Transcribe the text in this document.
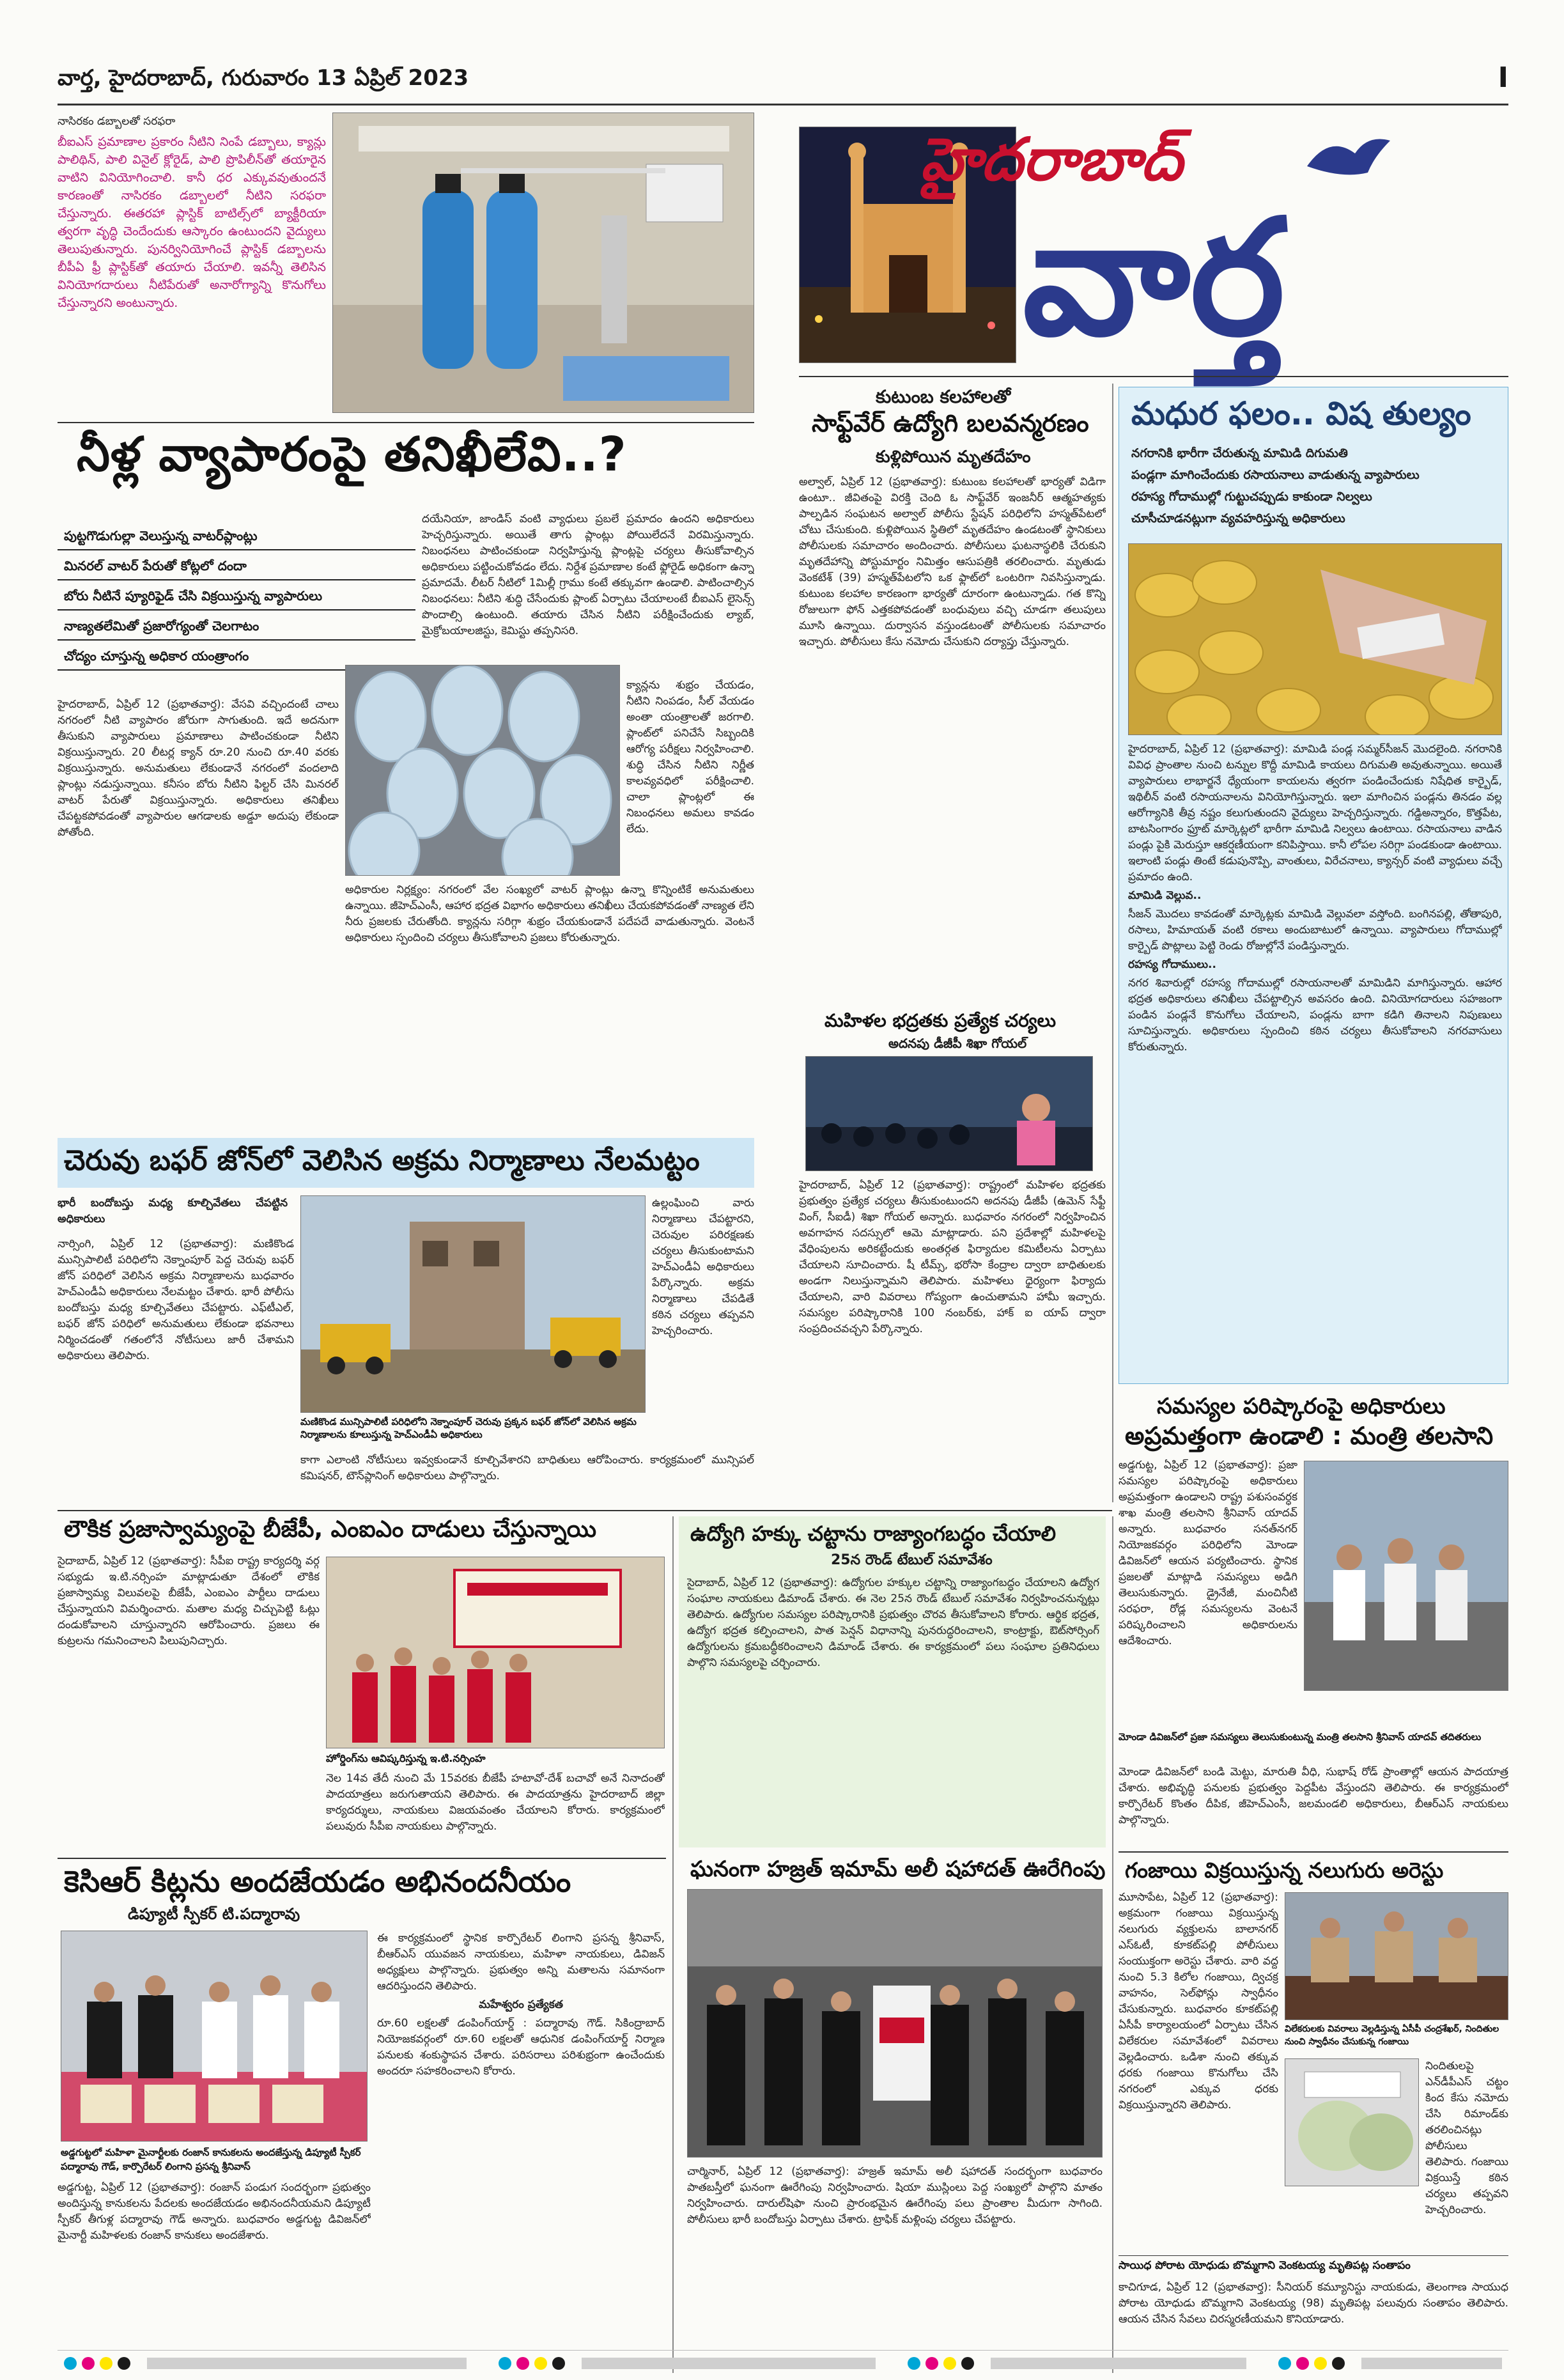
వార్త, హైదరాబాద్, గురువారం 13 ఏప్రిల్ 2023	I

నాసిరకం డబ్బాలతో సరఫరా

బీఐఎస్ ప్రమాణాల ప్రకారం నీటిని నింపే డబ్బాలు, క్యాన్లు పాలిథిన్, పాలి వినైల్ క్లోరైడ్, పాలి ప్రొపిలీన్‌తో తయారైన వాటిని వినియోగించాలి. కానీ ధర ఎక్కువవుతుందనే కారణంతో నాసిరకం డబ్బాలలో నీటిని సరఫరా చేస్తున్నారు. ఈతరహా ప్లాస్టిక్ బాటిల్స్‌లో బ్యాక్టీరియా త్వరగా వృద్ధి చెందేందుకు ఆస్కారం ఉంటుందని వైద్యులు తెలుపుతున్నారు. పునర్వినియోగించే ప్లాస్టిక్ డబ్బాలను బీపీఏ ఫ్రీ ప్లాస్టిక్‌తో తయారు చేయాలి. ఇవన్నీ తెలిసిన వినియోగదారులు నీటిపేరుతో అనారోగ్యాన్ని కొనుగోలు చేస్తున్నారని అంటున్నారు.

నీళ్ల వ్యాపారంపై తనిఖీలేవి..?
పుట్టగొడుగుల్లా వెలుస్తున్న వాటర్‌ప్లాంట్లు
మినరల్ వాటర్ పేరుతో కోట్లలో దందా
బోరు నీటినే ప్యూరిఫైడ్ చేసి విక్రయిస్తున్న వ్యాపారులు
నాణ్యతలేమితో ప్రజారోగ్యంతో చెలగాటం
చోద్యం చూస్తున్న అధికార యంత్రాంగం
దయేనియా, జాండిస్ వంటి వ్యాధులు ప్రబలే ప్రమాదం ఉందని అధికారులు హెచ్చరిస్తున్నారు. అయితే తాగు ప్లాంట్లు పోయిలేదనే విరమిస్తున్నారు. నిబంధనలు పాటించకుండా నిర్వహిస్తున్న ప్లాంట్లపై చర్యలు తీసుకోవాల్సిన అధికారులు పట్టించుకోవడం లేదు. నిర్దేశ ప్రమాణాల కంటే ఫ్లోరైడ్ అధికంగా ఉన్నా ప్రమాదమే. లీటర్ నీటిలో 1మిల్లీ గ్రాము కంటే తక్కువగా ఉండాలి. పాటించాల్సిన నిబంధనలు: నీటిని శుద్ధి చేసేందుకు ప్లాంట్ ఏర్పాటు చేయాలంటే బీఐఎస్‌ లైసెన్స్ పొందాల్సి ఉంటుంది. తయారు చేసిన నీటిని పరీక్షించేందుకు ల్యాబ్, మైక్రోబయాలజిస్టు, కెమిస్టు తప్పనిసరి.
హైదరాబాద్, ఏప్రిల్ 12 (ప్రభాతవార్త): వేసవి వచ్చిందంటే చాలు నగరంలో నీటి వ్యాపారం జోరుగా సాగుతుంది. ఇదే అదనుగా తీసుకుని వ్యాపారులు ప్రమాణాలు పాటించకుండా నీటిని విక్రయిస్తున్నారు. 20 లీటర్ల క్యాన్ రూ.20 నుంచి రూ.40 వరకు విక్రయిస్తున్నారు. అనుమతులు లేకుండానే నగరంలో వందలాది ప్లాంట్లు నడుస్తున్నాయి. కనీసం బోరు నీటిని ఫిల్టర్ చేసి మినరల్ వాటర్ పేరుతో విక్రయిస్తున్నారు. అధికారులు తనిఖీలు చేపట్టకపోవడంతో వ్యాపారుల ఆగడాలకు అడ్డూ అదుపు లేకుండా పోతోంది.
క్యాన్లను శుభ్రం చేయడం, నీటిని నింపడం, సీల్ వేయడం అంతా యంత్రాలతో జరగాలి. ప్లాంట్‌లో పనిచేసే సిబ్బందికి ఆరోగ్య పరీక్షలు నిర్వహించాలి. శుద్ధి చేసిన నీటిని నిర్ణీత కాలవ్యవధిలో పరీక్షించాలి. చాలా ప్లాంట్లలో ఈ నిబంధనలు అమలు కావడం లేదు.
అధికారుల నిర్లక్ష్యం: నగరంలో వేల సంఖ్యలో వాటర్ ప్లాంట్లు ఉన్నా కొన్నింటికే అనుమతులు ఉన్నాయి. జీహెచ్ఎంసీ, ఆహార భద్రత విభాగం అధికారులు తనిఖీలు చేయకపోవడంతో నాణ్యత లేని నీరు ప్రజలకు చేరుతోంది. క్యాన్లను సరిగ్గా శుభ్రం చేయకుండానే పదేపదే వాడుతున్నారు. వెంటనే అధికారులు స్పందించి చర్యలు తీసుకోవాలని ప్రజలు కోరుతున్నారు.
హైదరాబాద్
వార్త
కుటుంబ కలహాలతో
సాఫ్ట్‌వేర్ ఉద్యోగి బలవన్మరణం
కుళ్లిపోయిన మృతదేహం
అల్వాల్, ఏప్రిల్ 12 (ప్రభాతవార్త): కుటుంబ కలహాలతో భార్యతో విడిగా ఉంటూ.. జీవితంపై విరక్తి చెంది ఓ సాఫ్ట్‌వేర్ ఇంజనీర్ ఆత్మహత్యకు పాల్పడిన సంఘటన అల్వాల్ పోలీసు స్టేషన్ పరిధిలోని హస్మత్‌పేటలో చోటు చేసుకుంది. కుళ్లిపోయిన స్థితిలో మృతదేహం ఉండటంతో స్థానికులు పోలీసులకు సమాచారం అందించారు. పోలీసులు ఘటనాస్థలికి చేరుకుని మృతదేహాన్ని పోస్టుమార్టం నిమిత్తం ఆసుపత్రికి తరలించారు. మృతుడు వెంకటేశ్ (39) హస్మత్‌పేటలోని ఒక ఫ్లాట్‌లో ఒంటరిగా నివసిస్తున్నాడు. కుటుంబ కలహాల కారణంగా భార్యతో దూరంగా ఉంటున్నాడు. గత కొన్ని రోజులుగా ఫోన్ ఎత్తకపోవడంతో బంధువులు వచ్చి చూడగా తలుపులు మూసి ఉన్నాయి. దుర్వాసన వస్తుండటంతో పోలీసులకు సమాచారం ఇచ్చారు. పోలీసులు కేసు నమోదు చేసుకుని దర్యాప్తు చేస్తున్నారు.
మహిళల భద్రతకు ప్రత్యేక చర్యలు
అదనపు డీజీపీ శిఖా గోయల్
హైదరాబాద్, ఏప్రిల్ 12 (ప్రభాతవార్త): రాష్ట్రంలో మహిళల భద్రతకు ప్రభుత్వం ప్రత్యేక చర్యలు తీసుకుంటుందని అదనపు డీజీపీ (ఉమెన్ సేఫ్టీ వింగ్, సీఐడీ) శిఖా గోయల్ అన్నారు. బుధవారం నగరంలో నిర్వహించిన అవగాహన సదస్సులో ఆమె మాట్లాడారు. పని ప్రదేశాల్లో మహిళలపై వేధింపులను అరికట్టేందుకు అంతర్గత ఫిర్యాదుల కమిటీలను ఏర్పాటు చేయాలని సూచించారు. షీ టీమ్స్, భరోసా కేంద్రాల ద్వారా బాధితులకు అండగా నిలుస్తున్నామని తెలిపారు. మహిళలు ధైర్యంగా ఫిర్యాదు చేయాలని, వారి వివరాలు గోప్యంగా ఉంచుతామని హామీ ఇచ్చారు. సమస్యల పరిష్కారానికి 100 నంబర్‌కు, హాక్ ఐ యాప్ ద్వారా సంప్రదించవచ్చని పేర్కొన్నారు.
మధుర ఫలం.. విష తుల్యం
నగరానికి భారీగా చేరుతున్న మామిడి దిగుమతి
పండ్లగా మాగించేందుకు రసాయనాలు వాడుతున్న వ్యాపారులు
రహస్య గోదాముల్లో గుట్టుచప్పుడు కాకుండా నిల్వలు
చూసీచూడనట్లుగా వ్యవహరిస్తున్న అధికారులు

హైదరాబాద్, ఏప్రిల్ 12 (ప్రభాతవార్త): మామిడి పండ్ల సమ్మర్‌సీజన్ మొదలైంది. నగరానికి వివిధ ప్రాంతాల నుంచి టన్నుల కొద్దీ మామిడి కాయలు దిగుమతి అవుతున్నాయి. అయితే వ్యాపారులు లాభార్జనే ధ్యేయంగా కాయలను త్వరగా పండించేందుకు నిషేధిత కార్బైడ్, ఇథిలీన్ వంటి రసాయనాలను వినియోగిస్తున్నారు. ఇలా మాగించిన పండ్లను తినడం వల్ల ఆరోగ్యానికి తీవ్ర నష్టం కలుగుతుందని వైద్యులు హెచ్చరిస్తున్నారు. గడ్డిఅన్నారం, కొత్తపేట, బాటసింగారం ఫ్రూట్ మార్కెట్లలో భారీగా మామిడి నిల్వలు ఉంటాయి. రసాయనాలు వాడిన పండ్లు పైకి మెరుస్తూ ఆకర్షణీయంగా కనిపిస్తాయి. కానీ లోపల సరిగ్గా పండకుండా ఉంటాయి. ఇలాంటి పండ్లు తింటే కడుపునొప్పి, వాంతులు, విరేచనాలు, క్యాన్సర్ వంటి వ్యాధులు వచ్చే ప్రమాదం ఉంది.

మామిడి వెల్లువ..

సీజన్ మొదలు కావడంతో మార్కెట్లకు మామిడి వెల్లువలా వస్తోంది. బంగినపల్లి, తోతాపురి, రసాలు, హిమాయత్ వంటి రకాలు అందుబాటులో ఉన్నాయి. వ్యాపారులు గోదాముల్లో కార్బైడ్ పొట్లాలు పెట్టి రెండు రోజుల్లోనే పండిస్తున్నారు.

రహస్య గోదాములు..

నగర శివారుల్లో రహస్య గోదాముల్లో రసాయనాలతో మామిడిని మాగిస్తున్నారు. ఆహార భద్రత అధికారులు తనిఖీలు చేపట్టాల్సిన అవసరం ఉంది. వినియోగదారులు సహజంగా పండిన పండ్లనే కొనుగోలు చేయాలని, పండ్లను బాగా కడిగి తినాలని నిపుణులు సూచిస్తున్నారు. అధికారులు స్పందించి కఠిన చర్యలు తీసుకోవాలని నగరవాసులు కోరుతున్నారు.

చెరువు బఫర్ జోన్‌లో వెలిసిన అక్రమ నిర్మాణాలు నేలమట్టం
భారీ బందోబస్తు మధ్య కూల్చివేతలు చేపట్టిన అధికారులు
నార్సింగి, ఏప్రిల్ 12 (ప్రభాతవార్త): మణికొండ మున్సిపాలిటీ పరిధిలోని నెక్నాంపూర్ పెద్ద చెరువు బఫర్ జోన్ పరిధిలో వెలిసిన అక్రమ నిర్మాణాలను బుధవారం హెచ్ఎండీఏ అధికారులు నేలమట్టం చేశారు. భారీ పోలీసు బందోబస్తు మధ్య కూల్చివేతలు చేపట్టారు. ఎఫ్‌టీఎల్, బఫర్ జోన్ పరిధిలో అనుమతులు లేకుండా భవనాలు నిర్మించడంతో గతంలోనే నోటీసులు జారీ చేశామని అధికారులు తెలిపారు.
మణికొండ మున్సిపాలిటీ పరిధిలోని నెక్నాంపూర్ చెరువు ప్రక్కన బఫర్ జోన్‌లో వెలిసిన అక్రమ నిర్మాణాలను కూలుస్తున్న హెచ్ఎండీఏ అధికారులు
ఉల్లంఘించి వారు నిర్మాణాలు చేపట్టారని, చెరువుల పరిరక్షణకు చర్యలు తీసుకుంటామని హెచ్ఎండీఏ అధికారులు పేర్కొన్నారు. అక్రమ నిర్మాణాలు చేపడితే కఠిన చర్యలు తప్పవని హెచ్చరించారు.
కాగా ఎలాంటి నోటీసులు ఇవ్వకుండానే కూల్చివేశారని బాధితులు ఆరోపించారు. కార్యక్రమంలో మున్సిపల్ కమిషనర్, టౌన్‌ప్లానింగ్ అధికారులు పాల్గొన్నారు.
సమస్యల పరిష్కారంపై అధికారులు
అప్రమత్తంగా ఉండాలి : మంత్రి తలసాని
అడ్డగుట్ట, ఏప్రిల్ 12 (ప్రభాతవార్త): ప్రజా సమస్యల పరిష్కారంపై అధికారులు అప్రమత్తంగా ఉండాలని రాష్ట్ర పశుసంవర్ధక శాఖ మంత్రి తలసాని శ్రీనివాస్ యాదవ్ అన్నారు. బుధవారం సనత్‌నగర్ నియోజకవర్గం పరిధిలోని మోండా డివిజన్‌లో ఆయన పర్యటించారు. స్థానిక ప్రజలతో మాట్లాడి సమస్యలు అడిగి తెలుసుకున్నారు. డ్రైనేజీ, మంచినీటి సరఫరా, రోడ్ల సమస్యలను వెంటనే పరిష్కరించాలని అధికారులను ఆదేశించారు.
మోండా డివిజన్‌లో ప్రజా సమస్యలు తెలుసుకుంటున్న మంత్రి తలసాని శ్రీనివాస్ యాదవ్ తదితరులు
మోండా డివిజన్‌లో బండి మెట్టు, మారుతి వీధి, సుభాష్ రోడ్ ప్రాంతాల్లో ఆయన పాదయాత్ర చేశారు. అభివృద్ధి పనులకు ప్రభుత్వం పెద్దపీట వేస్తుందని తెలిపారు. ఈ కార్యక్రమంలో కార్పొరేటర్ కొంతం దీపిక, జీహెచ్ఎంసీ, జలమండలి అధికారులు, బీఆర్ఎస్ నాయకులు పాల్గొన్నారు.
లౌకిక ప్రజాస్వామ్యంపై బీజేపీ, ఎంఐఎం దాడులు చేస్తున్నాయి
సైదాబాద్, ఏప్రిల్ 12 (ప్రభాతవార్త): సీపీఐ రాష్ట్ర కార్యదర్శి వర్గ సభ్యుడు ఇ.టి.నర్సింహ మాట్లాడుతూ దేశంలో లౌకిక ప్రజాస్వామ్య విలువలపై బీజేపీ, ఎంఐఎం పార్టీలు దాడులు చేస్తున్నాయని విమర్శించారు. మతాల మధ్య చిచ్చుపెట్టి ఓట్లు దండుకోవాలని చూస్తున్నారని ఆరోపించారు. ప్రజలు ఈ కుట్రలను గమనించాలని పిలుపునిచ్చారు.
హోర్డింగ్‌ను ఆవిష్కరిస్తున్న ఇ.టి.నర్సింహ
నెల 14వ తేదీ నుంచి మే 15వరకు బీజేపీ హటావో-దేశ్ బచావో అనే నినాదంతో పాదయాత్రలు జరుగుతాయని తెలిపారు. ఈ పాదయాత్రను హైదరాబాద్ జిల్లా కార్యదర్శులు, నాయకులు విజయవంతం చేయాలని కోరారు. కార్యక్రమంలో పలువురు సీపీఐ నాయకులు పాల్గొన్నారు.
ఉద్యోగి హక్కు చట్టాను రాజ్యాంగబద్ధం చేయాలి
25న రౌండ్ టేబుల్ సమావేశం
సైదాబాద్, ఏప్రిల్ 12 (ప్రభాతవార్త): ఉద్యోగుల హక్కుల చట్టాన్ని రాజ్యాంగబద్ధం చేయాలని ఉద్యోగ సంఘాల నాయకులు డిమాండ్ చేశారు. ఈ నెల 25న రౌండ్ టేబుల్ సమావేశం నిర్వహించనున్నట్లు తెలిపారు. ఉద్యోగుల సమస్యల పరిష్కారానికి ప్రభుత్వం చొరవ తీసుకోవాలని కోరారు. ఆర్థిక భద్రత, ఉద్యోగ భద్రత కల్పించాలని, పాత పెన్షన్ విధానాన్ని పునరుద్ధరించాలని, కాంట్రాక్టు, ఔట్‌సోర్సింగ్ ఉద్యోగులను క్రమబద్ధీకరించాలని డిమాండ్ చేశారు. ఈ కార్యక్రమంలో పలు సంఘాల ప్రతినిధులు పాల్గొని సమస్యలపై చర్చించారు.
ఘనంగా హజ్రత్ ఇమామ్ అలీ షహాదత్ ఊరేగింపు
చార్మినార్, ఏప్రిల్ 12 (ప్రభాతవార్త): హజ్రత్ ఇమామ్ అలీ షహాదత్ సందర్భంగా బుధవారం పాతబస్తీలో ఘనంగా ఊరేగింపు నిర్వహించారు. షియా ముస్లింలు పెద్ద సంఖ్యలో పాల్గొని మాతం నిర్వహించారు. దారుల్‌షిఫా నుంచి ప్రారంభమైన ఊరేగింపు పలు ప్రాంతాల మీదుగా సాగింది. పోలీసులు భారీ బందోబస్తు ఏర్పాటు చేశారు. ట్రాఫిక్ మళ్లింపు చర్యలు చేపట్టారు.
కెసిఆర్ కిట్లను అందజేయడం అభినందనీయం
డిప్యూటీ స్పీకర్ టి.పద్మారావు
అడ్డగుట్టలో మహిళా మైనార్టీలకు రంజాన్ కానుకలను అందజేస్తున్న డిప్యూటీ స్పీకర్ పద్మారావు గౌడ్, కార్పొరేటర్ లింగాని ప్రసన్న శ్రీనివాస్
అడ్డగుట్ట, ఏప్రిల్ 12 (ప్రభాతవార్త): రంజాన్ పండుగ సందర్భంగా ప్రభుత్వం అందిస్తున్న కానుకలను పేదలకు అందజేయడం అభినందనీయమని డిప్యూటీ స్పీకర్ తీగుళ్ల పద్మారావు గౌడ్ అన్నారు. బుధవారం అడ్డగుట్ట డివిజన్‌లో మైనార్టీ మహిళలకు రంజాన్ కానుకలు అందజేశారు.

ఈ కార్యక్రమంలో స్థానిక కార్పొరేటర్ లింగాని ప్రసన్న శ్రీనివాస్, బీఆర్ఎస్ యువజన నాయకులు, మహిళా నాయకులు, డివిజన్ అధ్యక్షులు పాల్గొన్నారు. ప్రభుత్వం అన్ని మతాలను సమానంగా ఆదరిస్తుందని తెలిపారు.

మహేశ్వరం ప్రత్యేకత

రూ.60 లక్షలతో డంపింగ్‌యార్డ్ : పద్మారావు గౌడ్. సికింద్రాబాద్ నియోజకవర్గంలో రూ.60 లక్షలతో ఆధునిక డంపింగ్‌యార్డ్ నిర్మాణ పనులకు శంకుస్థాపన చేశారు. పరిసరాలు పరిశుభ్రంగా ఉంచేందుకు అందరూ సహకరించాలని కోరారు.

గంజాయి విక్రయిస్తున్న నలుగురు అరెస్టు
మూసాపేట, ఏప్రిల్ 12 (ప్రభాతవార్త): అక్రమంగా గంజాయి విక్రయిస్తున్న నలుగురు వ్యక్తులను బాలానగర్ ఎస్ఓటీ, కూకట్‌పల్లి పోలీసులు సంయుక్తంగా అరెస్టు చేశారు. వారి వద్ద నుంచి 5.3 కిలోల గంజాయి, ద్విచక్ర వాహనం, సెల్‌ఫోన్లు స్వాధీనం చేసుకున్నారు. బుధవారం కూకట్‌పల్లి ఏసీపీ కార్యాలయంలో ఏర్పాటు చేసిన విలేకరుల సమావేశంలో వివరాలు వెల్లడించారు. ఒడిశా నుంచి తక్కువ ధరకు గంజాయి కొనుగోలు చేసి నగరంలో ఎక్కువ ధరకు విక్రయిస్తున్నారని తెలిపారు.
విలేకరులకు వివరాలు వెల్లడిస్తున్న ఏసీపీ చంద్రశేఖర్, నిందితుల నుంచి స్వాధీనం చేసుకున్న గంజాయి
నిందితులపై ఎన్‌డీపీఎస్ చట్టం కింద కేసు నమోదు చేసి రిమాండ్‌కు తరలించినట్లు పోలీసులు తెలిపారు. గంజాయి విక్రయిస్తే కఠిన చర్యలు తప్పవని హెచ్చరించారు.
సాయిధ పోరాట యోధుడు బొమ్మగాని వెంకటయ్య మృతిపట్ల సంతాపం
కాచిగూడ, ఏప్రిల్ 12 (ప్రభాతవార్త): సీనియర్ కమ్యూనిస్టు నాయకుడు, తెలంగాణ సాయుధ పోరాట యోధుడు బొమ్మగాని వెంకటయ్య (98) మృతిపట్ల పలువురు సంతాపం తెలిపారు. ఆయన చేసిన సేవలు చిరస్మరణీయమని కొనియాడారు.
